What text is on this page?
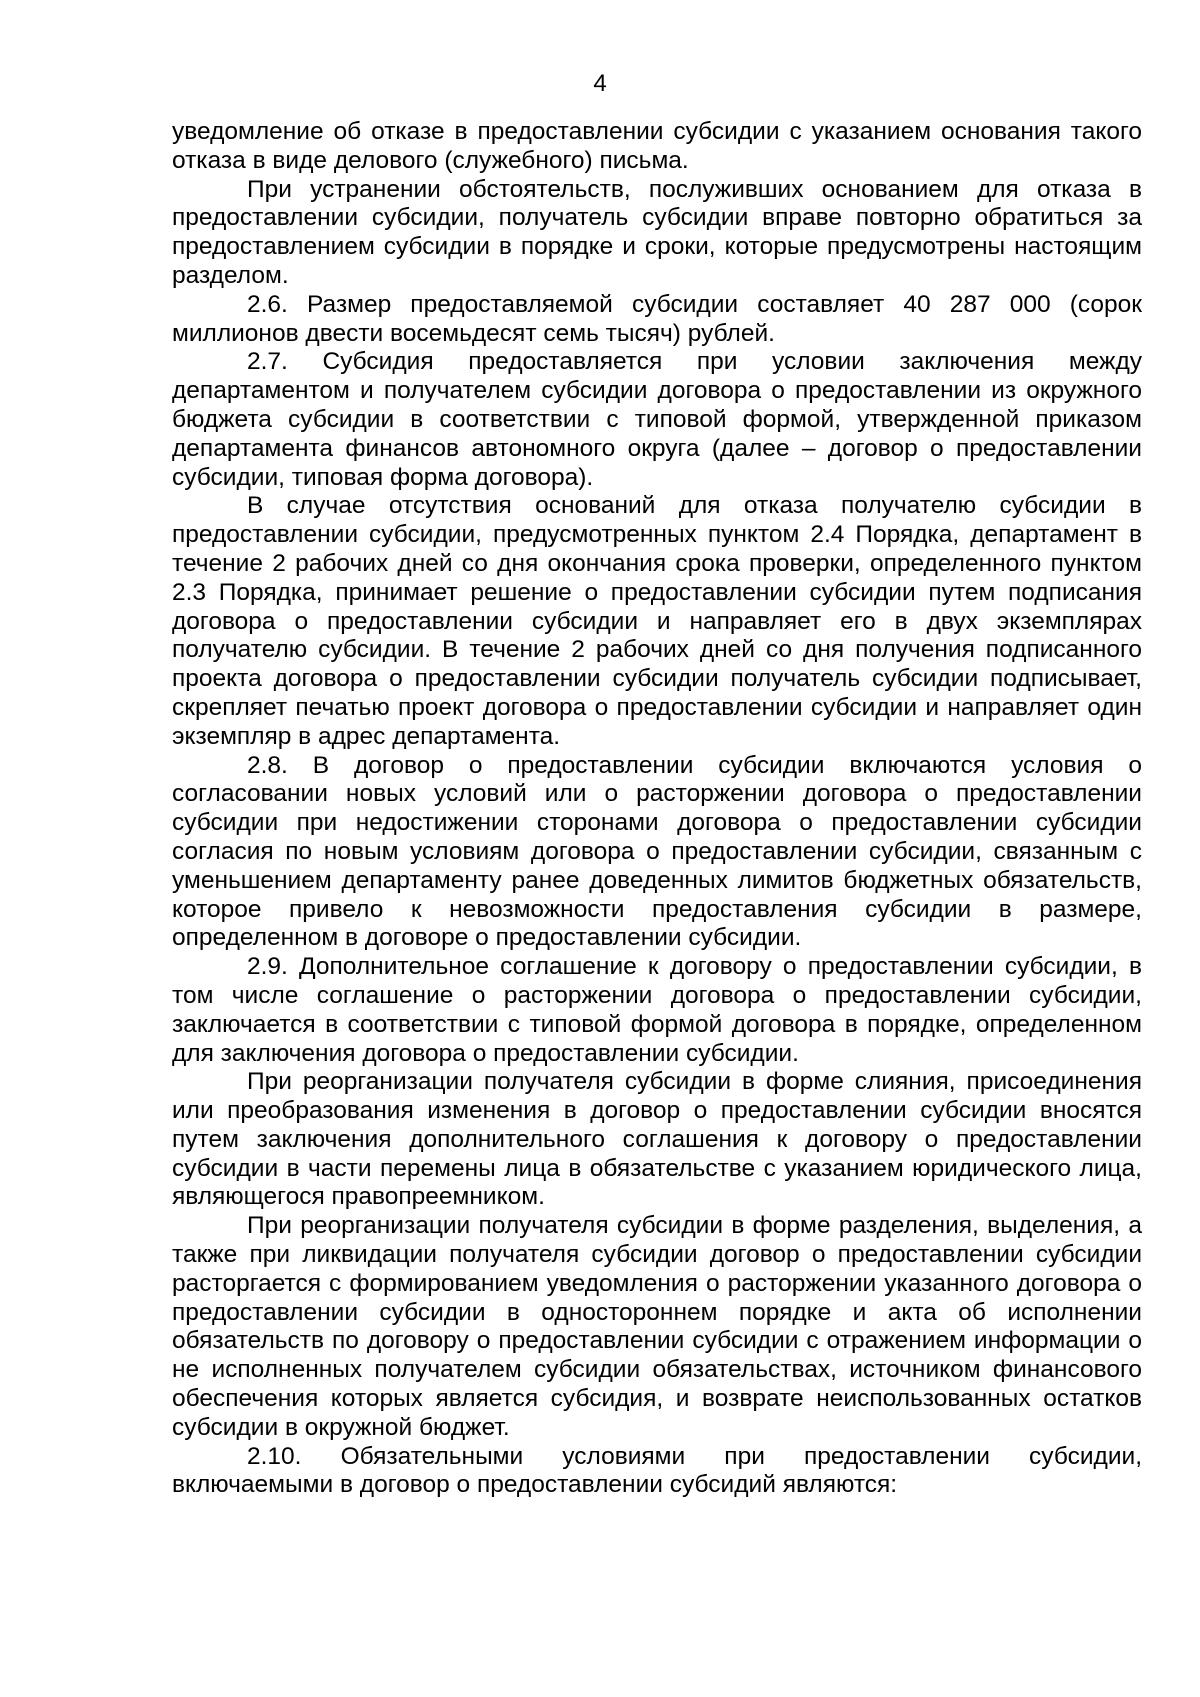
4

уведомление об отказе в предоставлении субсидии с указанием основания такого отказа в виде делового (служебного) письма.

При устранении обстоятельств, послуживших основанием для отказа в предоставлении субсидии, получатель субсидии вправе повторно обратиться за предоставлением субсидии в порядке и сроки, которые предусмотрены настоящим разделом.

2.6. Размер предоставляемой субсидии составляет 40 287 000 (сорок миллионов двести восемьдесят семь тысяч) рублей.

2.7. Субсидия предоставляется при условии заключения между департаментом и получателем субсидии договора о предоставлении из окружного бюджета субсидии в соответствии с типовой формой, утвержденной приказом департамента финансов автономного округа (далее – договор о предоставлении субсидии, типовая форма договора).

В случае отсутствия оснований для отказа получателю субсидии в предоставлении субсидии, предусмотренных пунктом 2.4 Порядка, департамент в течение 2 рабочих дней со дня окончания срока проверки, определенного пунктом 2.3 Порядка, принимает решение о предоставлении субсидии путем подписания договора о предоставлении субсидии и направляет его в двух экземплярах получателю субсидии. В течение 2 рабочих дней со дня получения подписанного проекта договора о предоставлении субсидии получатель субсидии подписывает, скрепляет печатью проект договора о предоставлении субсидии и направляет один экземпляр в адрес департамента.

2.8. В договор о предоставлении субсидии включаются условия о согласовании новых условий или о расторжении договора о предоставлении субсидии при недостижении сторонами договора о предоставлении субсидии согласия по новым условиям договора о предоставлении субсидии, связанным с уменьшением департаменту ранее доведенных лимитов бюджетных обязательств, которое привело к невозможности предоставления субсидии в размере, определенном в договоре о предоставлении субсидии.

2.9. Дополнительное соглашение к договору о предоставлении субсидии, в том числе соглашение о расторжении договора о предоставлении субсидии, заключается в соответствии с типовой формой договора в порядке, определенном для заключения договора о предоставлении субсидии.

При реорганизации получателя субсидии в форме слияния, присоединения или преобразования изменения в договор о предоставлении субсидии вносятся путем заключения дополнительного соглашения к договору о предоставлении субсидии в части перемены лица в обязательстве с указанием юридического лица, являющегося правопреемником.

При реорганизации получателя субсидии в форме разделения, выделения, а также при ликвидации получателя субсидии договор о предоставлении субсидии расторгается с формированием уведомления о расторжении указанного договора о предоставлении субсидии в одностороннем порядке и акта об исполнении обязательств по договору о предоставлении субсидии с отражением информации о не исполненных получателем субсидии обязательствах, источником финансового обеспечения которых является субсидия, и возврате неиспользованных остатков субсидии в окружной бюджет.

2.10. Обязательными условиями при предоставлении субсидии, включаемыми в договор о предоставлении субсидий являются:
